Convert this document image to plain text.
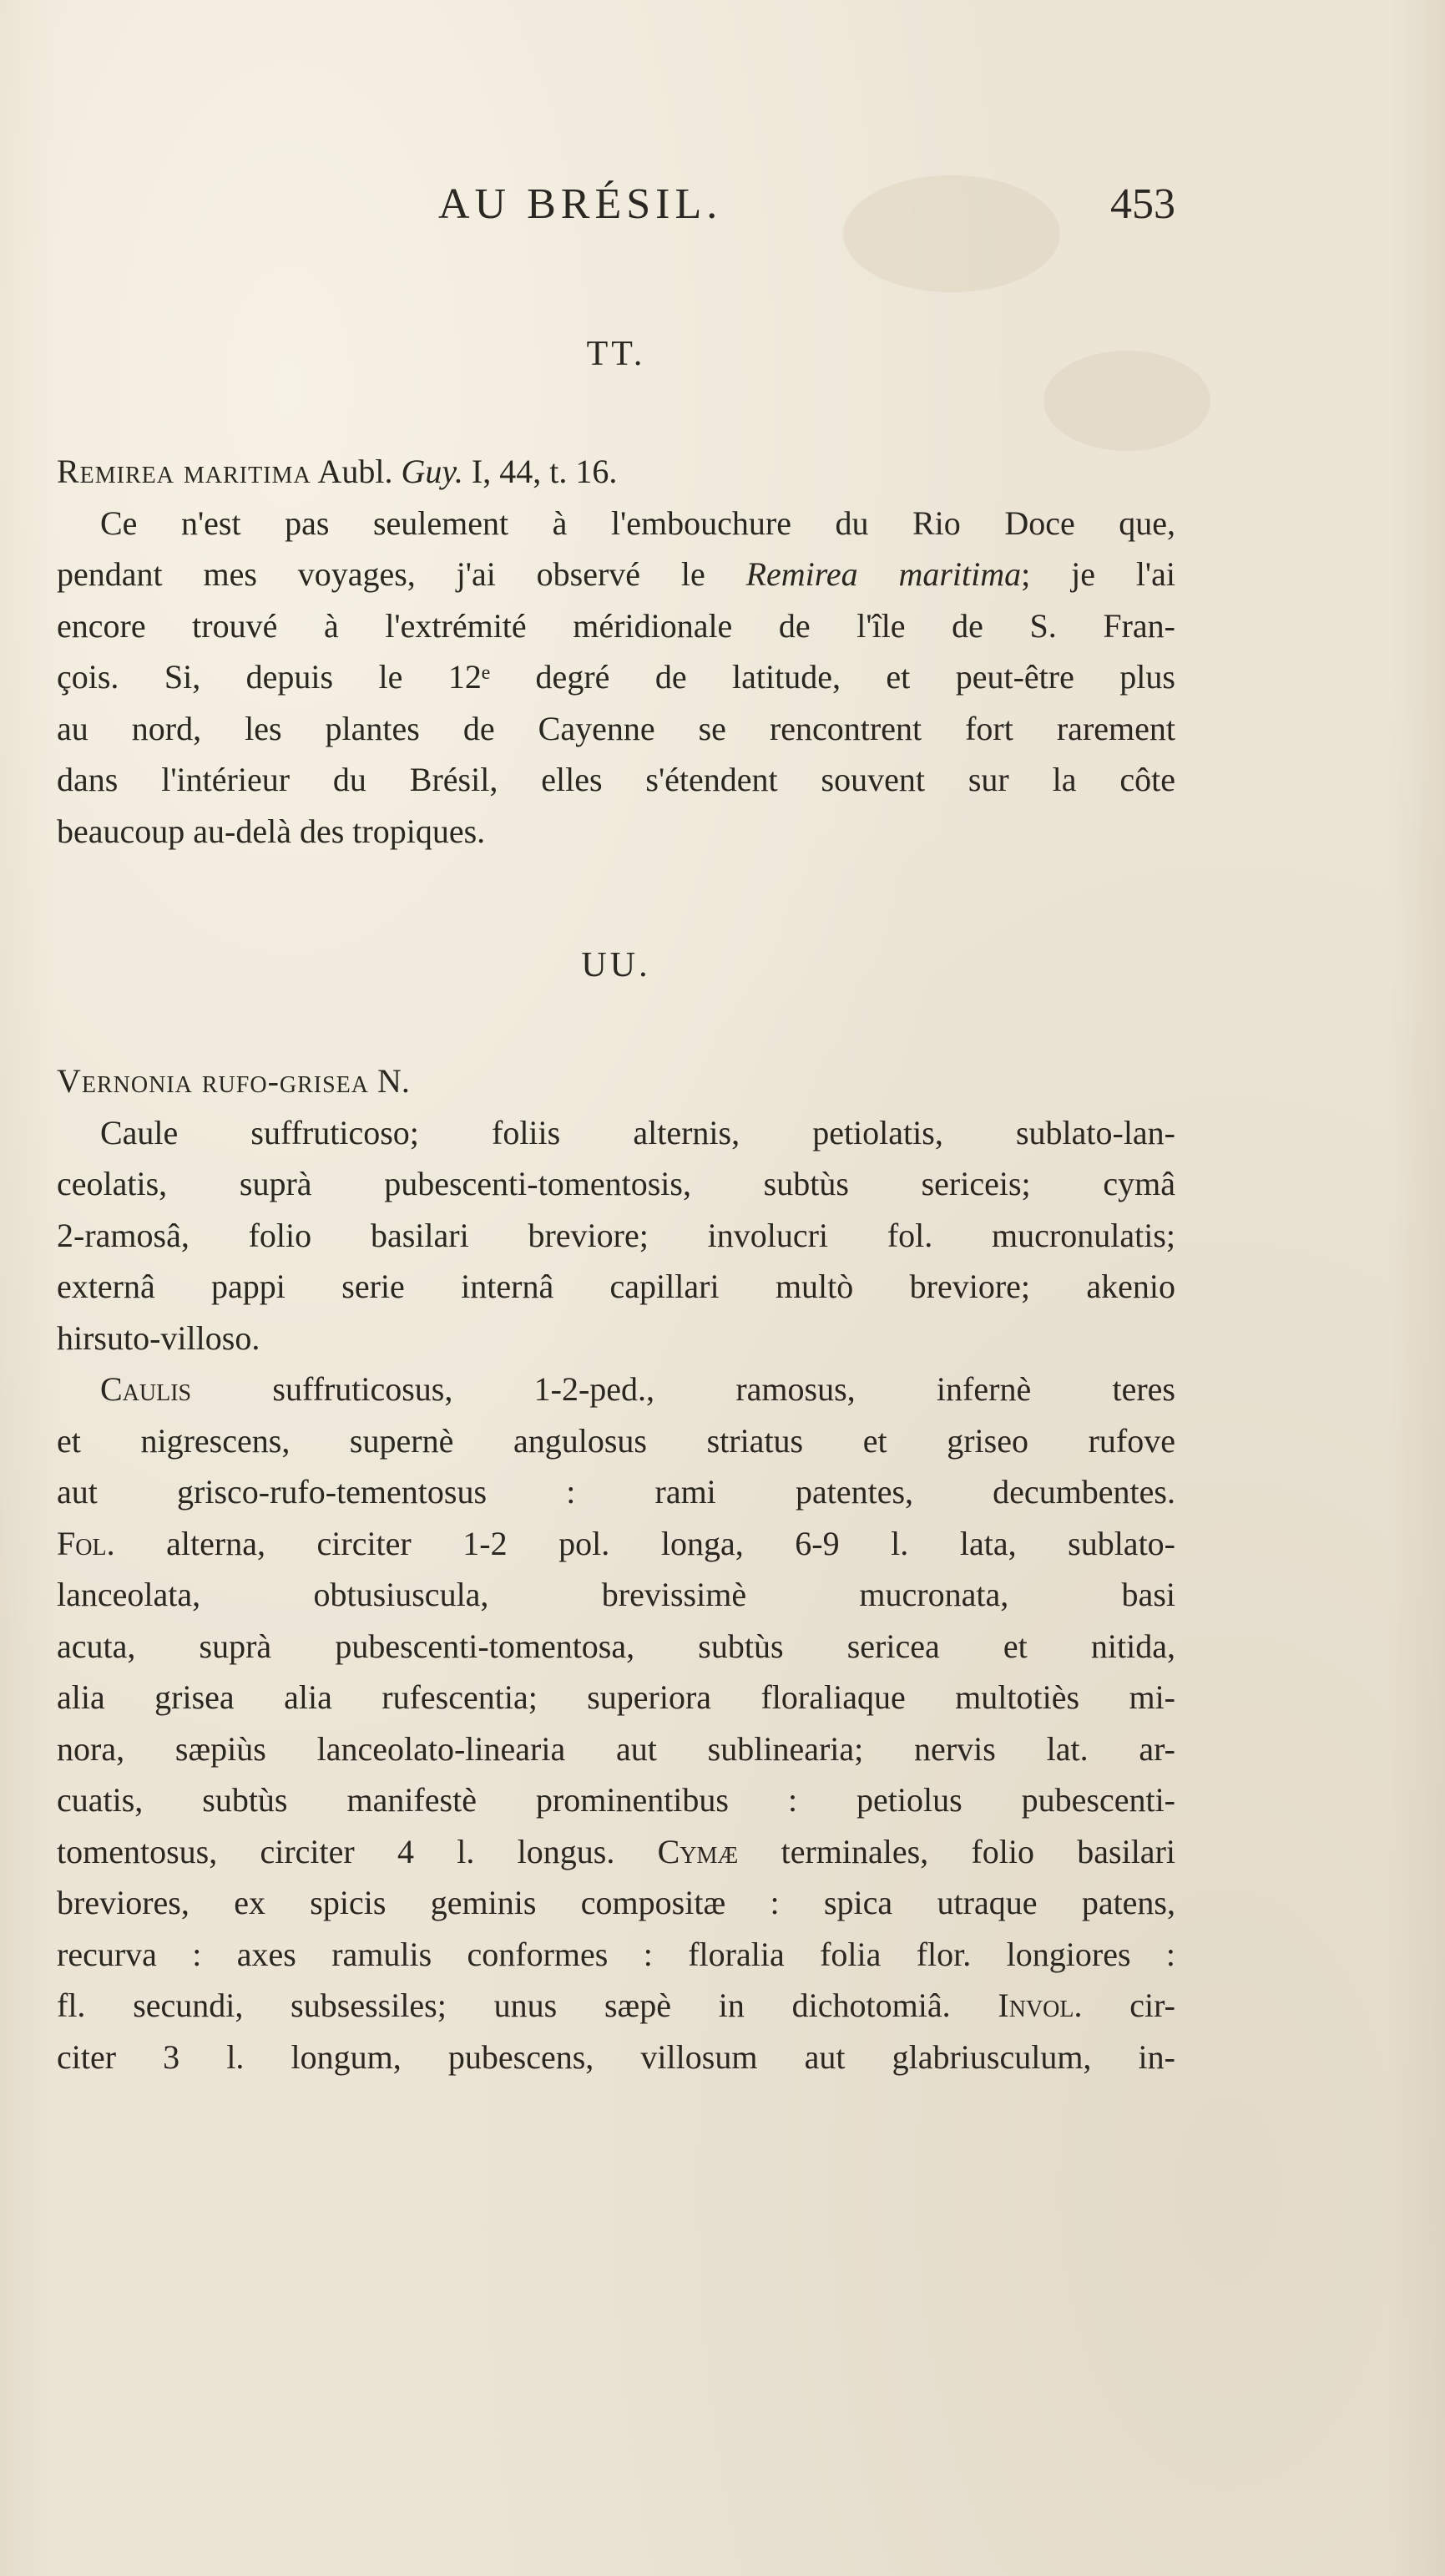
AU BRÉSIL.	453
TT.
Remirea maritima Aubl. Guy. I, 44, t. 16.
Ce n'est pas seulement à l'embouchure du Rio Doce que,
pendant mes voyages, j'ai observé le Remirea maritima; je l'ai
encore trouvé à l'extrémité méridionale de l'île de S. Fran-
çois. Si, depuis le 12ᵉ degré de latitude, et peut-être plus
au nord, les plantes de Cayenne se rencontrent fort rarement
dans l'intérieur du Brésil, elles s'étendent souvent sur la côte
beaucoup au-delà des tropiques.
UU.
Vernonia rufo-grisea N.
Caule suffruticoso; foliis alternis, petiolatis, sublato-lan-
ceolatis, suprà pubescenti-tomentosis, subtùs sericeis; cymâ
2-ramosâ, folio basilari breviore; involucri fol. mucronulatis;
externâ pappi serie internâ capillari multò breviore; akenio
hirsuto-villoso.
Caulis suffruticosus, 1-2-ped., ramosus, infernè teres
et nigrescens, supernè angulosus striatus et griseo rufove
aut grisco-rufo-tementosus : rami patentes, decumbentes.
Fol. alterna, circiter 1-2 pol. longa, 6-9 l. lata, sublato-
lanceolata, obtusiuscula, brevissimè mucronata, basi
acuta, suprà pubescenti-tomentosa, subtùs sericea et nitida,
alia grisea alia rufescentia; superiora floraliaque multotiès mi-
nora, sæpiùs lanceolato-linearia aut sublinearia; nervis lat. ar-
cuatis, subtùs manifestè prominentibus : petiolus pubescenti-
tomentosus, circiter 4 l. longus. Cymæ terminales, folio basilari
breviores, ex spicis geminis compositæ : spica utraque patens,
recurva : axes ramulis conformes : floralia folia flor. longiores :
fl. secundi, subsessiles; unus sæpè in dichotomiâ. Invol. cir-
citer 3 l. longum, pubescens, villosum aut glabriusculum, in-
